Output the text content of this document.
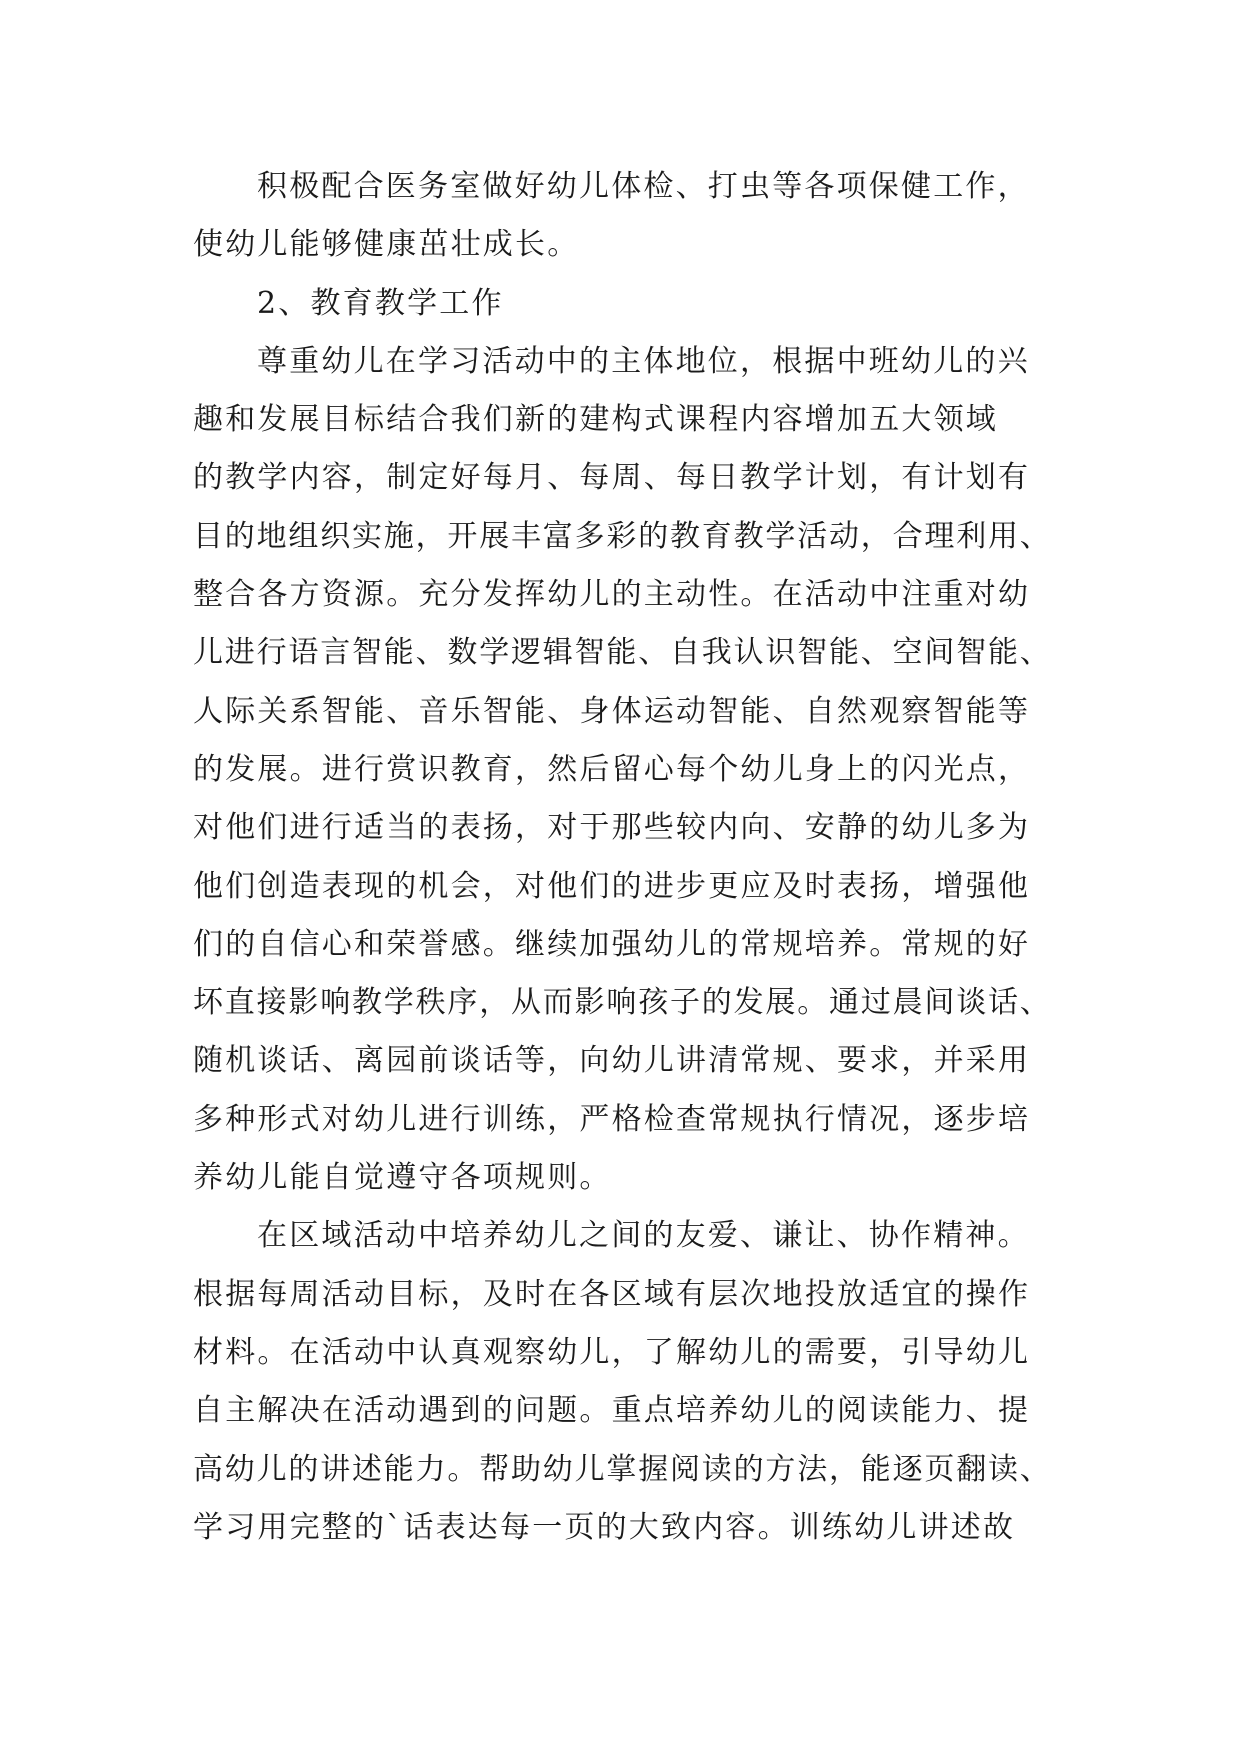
积极配合医务室做好幼儿体检、打虫等各项保健工作，
使幼儿能够健康茁壮成长。
2、教育教学工作
尊重幼儿在学习活动中的主体地位，根据中班幼儿的兴
趣和发展目标结合我们新的建构式课程内容增加五大领域
的教学内容，制定好每月、每周、每日教学计划，有计划有
目的地组织实施，开展丰富多彩的教育教学活动，合理利用、
整合各方资源。充分发挥幼儿的主动性。在活动中注重对幼
儿进行语言智能、数学逻辑智能、自我认识智能、空间智能、
人际关系智能、音乐智能、身体运动智能、自然观察智能等
的发展。进行赏识教育，然后留心每个幼儿身上的闪光点，
对他们进行适当的表扬，对于那些较内向、安静的幼儿多为
他们创造表现的机会，对他们的进步更应及时表扬，增强他
们的自信心和荣誉感。继续加强幼儿的常规培养。常规的好
坏直接影响教学秩序，从而影响孩子的发展。通过晨间谈话、
随机谈话、离园前谈话等，向幼儿讲清常规、要求，并采用
多种形式对幼儿进行训练，严格检查常规执行情况，逐步培
养幼儿能自觉遵守各项规则。
在区域活动中培养幼儿之间的友爱、谦让、协作精神。
根据每周活动目标，及时在各区域有层次地投放适宜的操作
材料。在活动中认真观察幼儿，了解幼儿的需要，引导幼儿
自主解决在活动遇到的问题。重点培养幼儿的阅读能力、提
高幼儿的讲述能力。帮助幼儿掌握阅读的方法，能逐页翻读、
学习用完整的`话表达每一页的大致内容。训练幼儿讲述故
